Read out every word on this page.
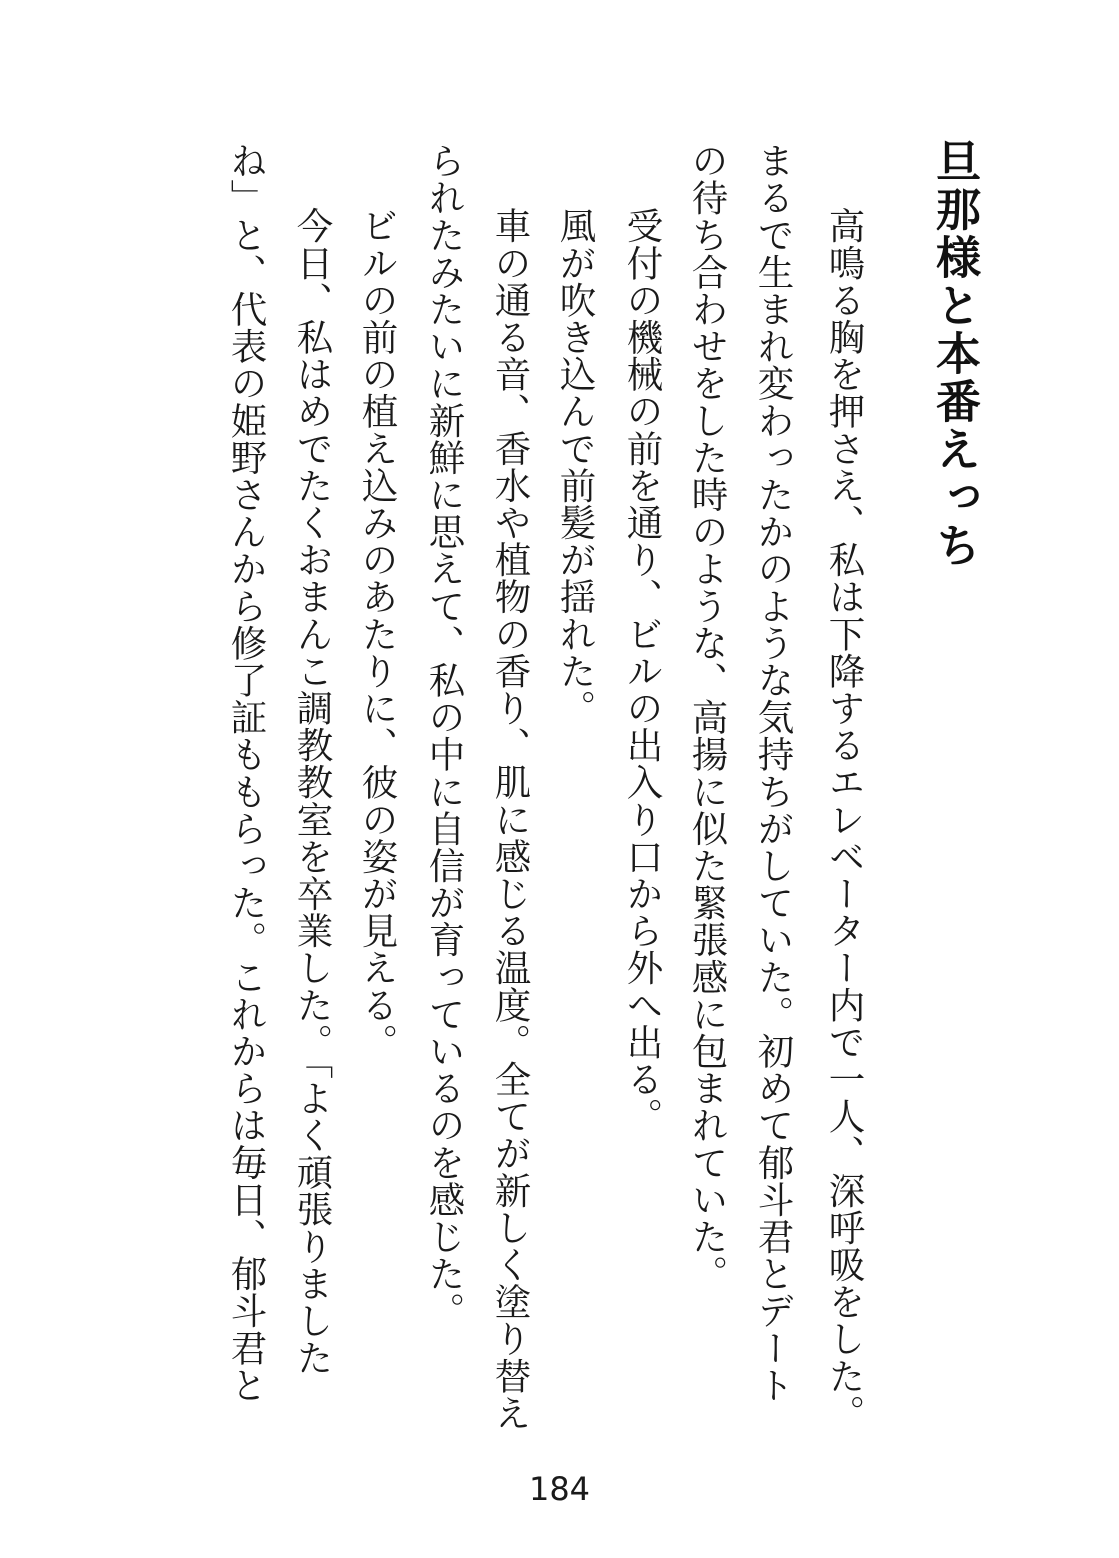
旦那様と本番えっち

　高鳴る胸を押さえ、私は下降するエレベーター内で一人、深呼吸をした。

まるで生まれ変わったかのような気持ちがしていた。初めて郁斗君とデート

の待ち合わせをした時のような、高揚に似た緊張感に包まれていた。

　受付の機械の前を通り、ビルの出入り口から外へ出る。

　風が吹き込んで前髪が揺れた。

　車の通る音、香水や植物の香り、肌に感じる温度。全てが新しく塗り替え

られたみたいに新鮮に思えて、私の中に自信が育っているのを感じた。

　ビルの前の植え込みのあたりに、彼の姿が見える。

　今日、私はめでたくおまんこ調教教室を卒業した。「よく頑張りました

ね」と、代表の姫野さんから修了証ももらった。これからは毎日、郁斗君と

184
